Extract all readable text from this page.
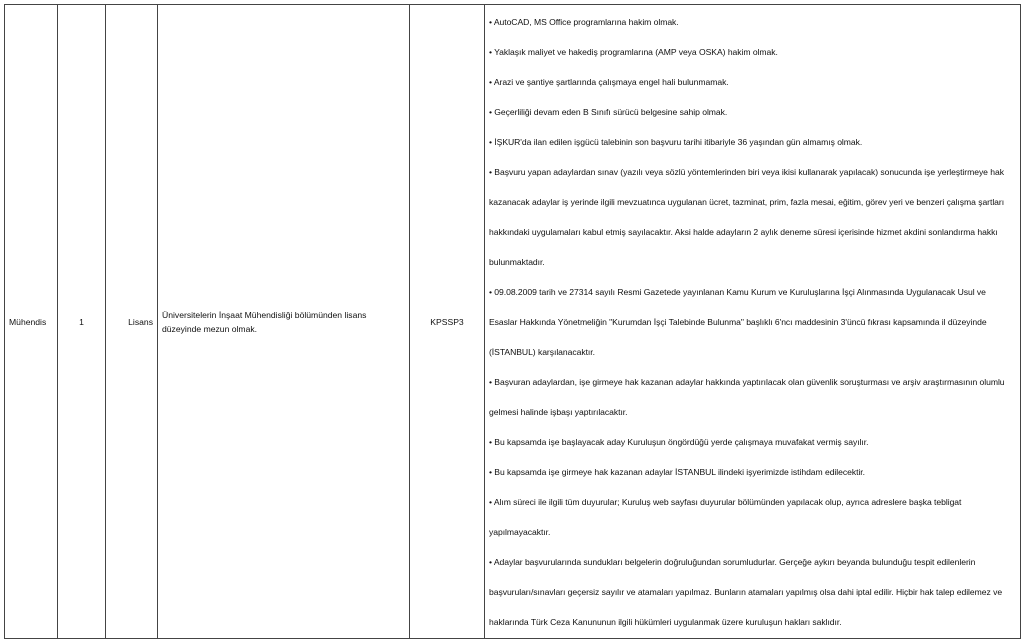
Mühendis	1	Lisans	Üniversitelerin İnşaat Mühendisliği bölümünden lisans düzeyinde mezun olmak.	KPSSP3	
• AutoCAD, MS Office programlarına hakim olmak.
• Yaklaşık maliyet ve hakediş programlarına (AMP veya OSKA) hakim olmak.
• Arazi ve şantiye şartlarında çalışmaya engel hali bulunmamak.
• Geçerliliği devam eden B Sınıfı sürücü belgesine sahip olmak.
• İŞKUR'da ilan edilen işgücü talebinin son başvuru tarihi itibariyle 36 yaşından gün almamış olmak.
• Başvuru yapan adaylardan sınav (yazılı veya sözlü yöntemlerinden biri veya ikisi kullanarak yapılacak) sonucunda işe yerleştirmeye hak kazanacak adaylar iş yerinde ilgili mevzuatınca uygulanan ücret, tazminat, prim, fazla mesai, eğitim, görev yeri ve benzeri çalışma şartları hakkındaki uygulamaları kabul etmiş sayılacaktır. Aksi halde adayların 2 aylık deneme süresi içerisinde hizmet akdini sonlandırma hakkı bulunmaktadır.
• 09.08.2009 tarih ve 27314 sayılı Resmi Gazetede yayınlanan Kamu Kurum ve Kuruluşlarına İşçi Alınmasında Uygulanacak Usul ve Esaslar Hakkında Yönetmeliğin "Kurumdan İşçi Talebinde Bulunma" başlıklı 6'ncı maddesinin 3'üncü fıkrası kapsamında il düzeyinde (İSTANBUL) karşılanacaktır.
• Başvuran adaylardan, işe girmeye hak kazanan adaylar hakkında yaptırılacak olan güvenlik soruşturması ve arşiv araştırmasının olumlu gelmesi halinde işbaşı yaptırılacaktır.
• Bu kapsamda işe başlayacak aday Kuruluşun öngördüğü yerde çalışmaya muvafakat vermiş sayılır.
• Bu kapsamda işe girmeye hak kazanan adaylar İSTANBUL ilindeki işyerimizde istihdam edilecektir.
• Alım süreci ile ilgili tüm duyurular; Kuruluş web sayfası duyurular bölümünden yapılacak olup, ayrıca adreslere başka tebligat yapılmayacaktır.
• Adaylar başvurularında sundukları belgelerin doğruluğundan sorumludurlar. Gerçeğe aykırı beyanda bulunduğu tespit edilenlerin başvuruları/sınavları geçersiz sayılır ve atamaları yapılmaz. Bunların atamaları yapılmış olsa dahi iptal edilir. Hiçbir hak talep edilemez ve haklarında Türk Ceza Kanununun ilgili hükümleri uygulanmak üzere kuruluşun hakları saklıdır.
